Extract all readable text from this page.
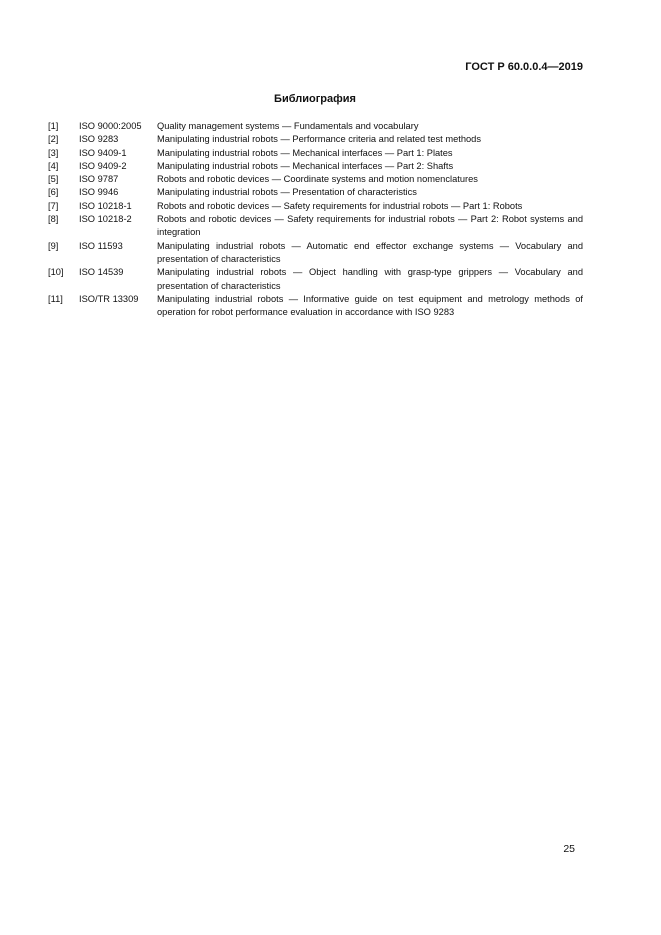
ГОСТ Р 60.0.0.4—2019
Библиография
[1]	ISO 9000:2005	Quality management systems — Fundamentals and vocabulary
[2]	ISO 9283	Manipulating industrial robots — Performance criteria and related test methods
[3]	ISO 9409-1	Manipulating industrial robots — Mechanical interfaces — Part 1: Plates
[4]	ISO 9409-2	Manipulating industrial robots — Mechanical interfaces — Part 2: Shafts
[5]	ISO 9787	Robots and robotic devices — Coordinate systems and motion nomenclatures
[6]	ISO 9946	Manipulating industrial robots — Presentation of characteristics
[7]	ISO 10218-1	Robots and robotic devices — Safety requirements for industrial robots — Part 1: Robots
[8]	ISO 10218-2	Robots and robotic devices — Safety requirements for industrial robots — Part 2: Robot systems and integration
[9]	ISO 11593	Manipulating industrial robots — Automatic end effector exchange systems — Vocabulary and presentation of characteristics
[10]	ISO 14539	Manipulating industrial robots — Object handling with grasp-type grippers — Vocabulary and presentation of characteristics
[11]	ISO/TR 13309	Manipulating industrial robots — Informative guide on test equipment and metrology methods of operation for robot performance evaluation in accordance with ISO 9283
25
